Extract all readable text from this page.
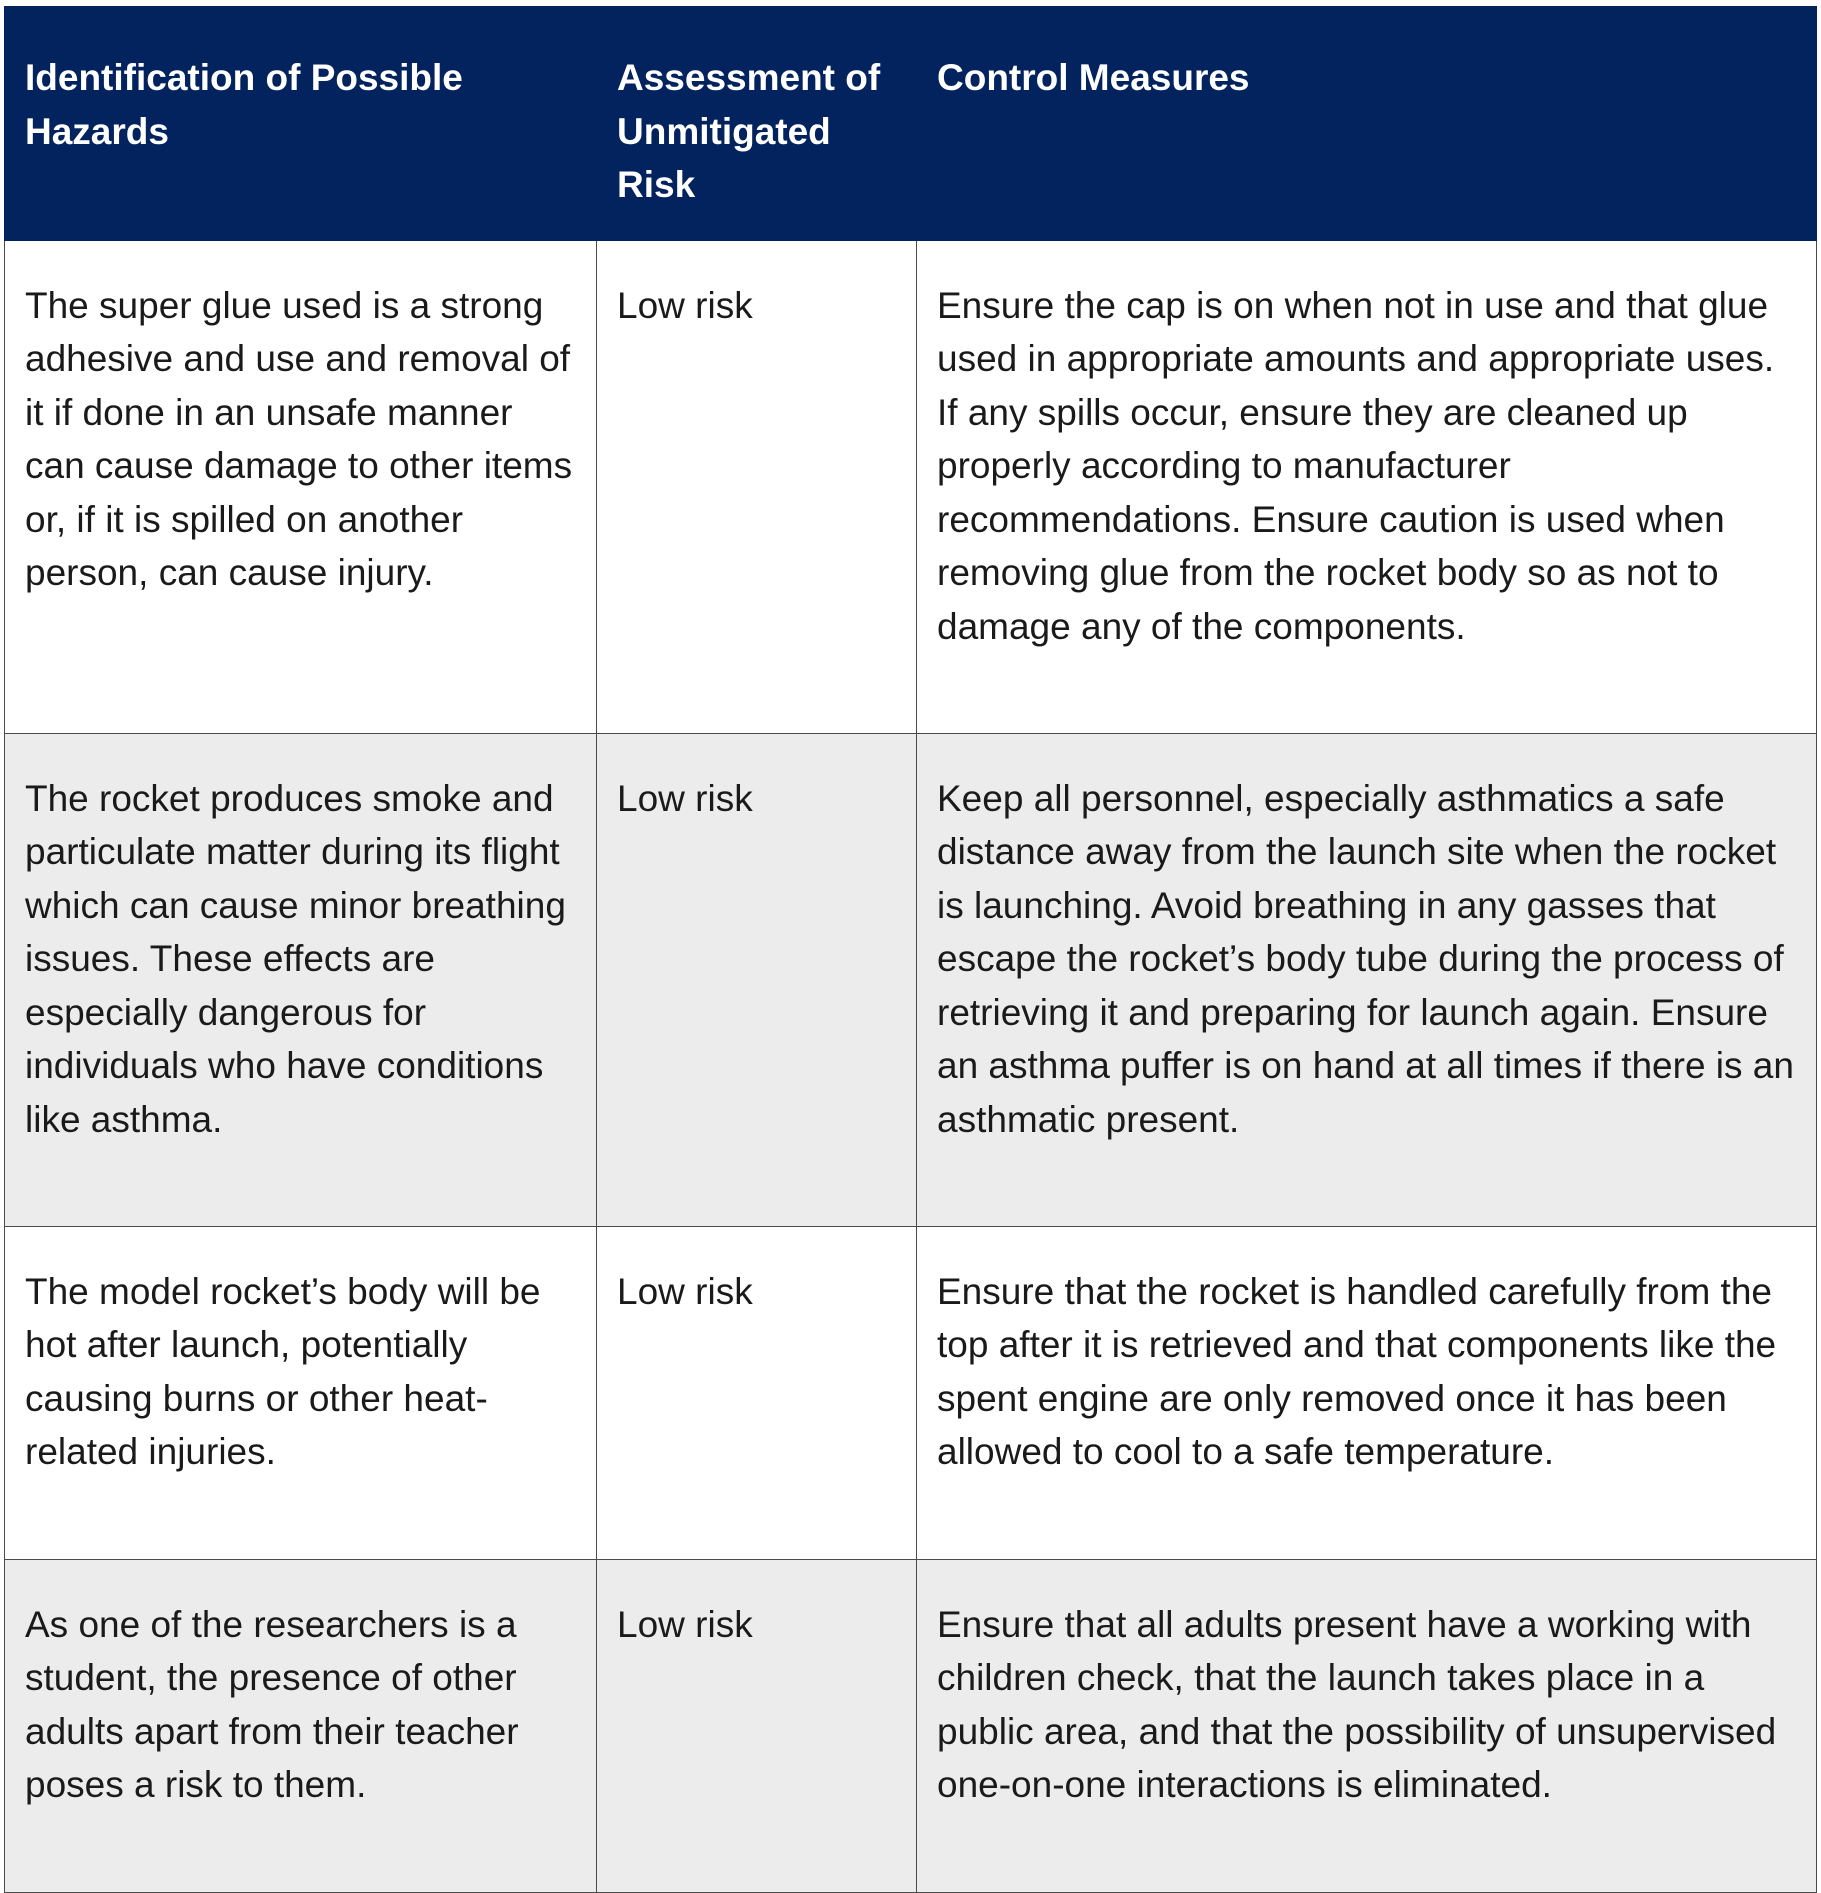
Identification of Possible Hazards	Assessment of Unmitigated Risk	Control Measures
The super glue used is a strong adhesive and use and removal of it if done in an unsafe manner can cause damage to other items or, if it is spilled on another person, can cause injury.	Low risk	Ensure the cap is on when not in use and that glue used in appropriate amounts and appropriate uses. If any spills occur, ensure they are cleaned up properly according to manufacturer recommendations. Ensure caution is used when removing glue from the rocket body so as not to damage any of the components.
The rocket produces smoke and particulate matter during its flight which can cause minor breathing issues. These effects are especially dangerous for individuals who have conditions like asthma.	Low risk	Keep all personnel, especially asthmatics a safe distance away from the launch site when the rocket is launching. Avoid breathing in any gasses that escape the rocket’s body tube during the process of retrieving it and preparing for launch again. Ensure an asthma puffer is on hand at all times if there is an asthmatic present.
The model rocket’s body will be hot after launch, potentially causing burns or other heat-related injuries.	Low risk	Ensure that the rocket is handled carefully from the top after it is retrieved and that components like the spent engine are only removed once it has been allowed to cool to a safe temperature.
As one of the researchers is a student, the presence of other adults apart from their teacher poses a risk to them.	Low risk	Ensure that all adults present have a working with children check, that the launch takes place in a public area, and that the possibility of unsupervised one-on-one interactions is eliminated.
